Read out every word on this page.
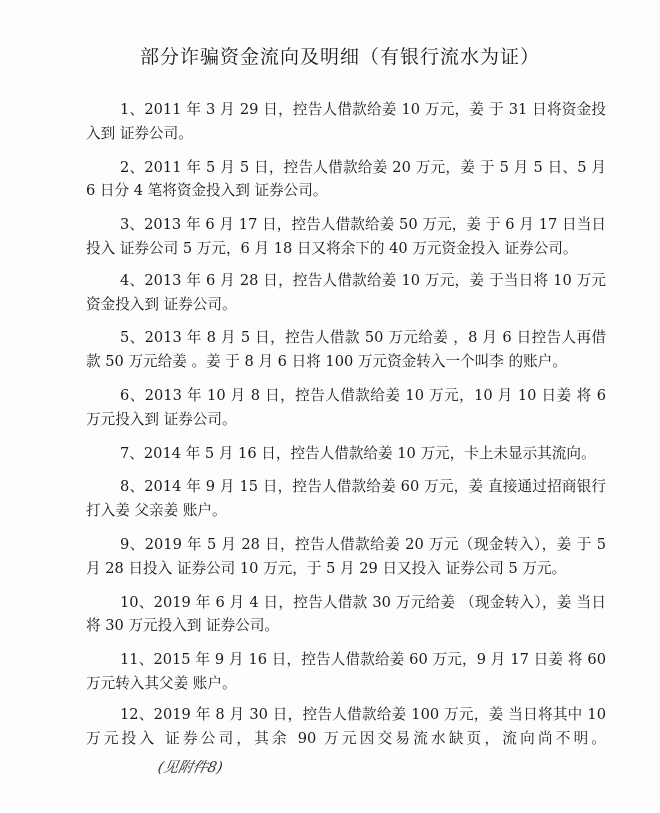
部分诈骗资金流向及明细（有银行流水为证）

1、2011 年 3 月 29 日，控告人借款给姜 10 万元，姜 于 31 日将资金投入到 证券公司。

2、2011 年 5 月 5 日，控告人借款给姜 20 万元，姜 于 5 月 5 日、5 月 6 日分 4 笔将资金投入到 证券公司。

3、2013 年 6 月 17 日，控告人借款给姜 50 万元，姜 于 6 月 17 日当日投入 证券公司 5 万元，6 月 18 日又将余下的 40 万元资金投入 证券公司。

4、2013 年 6 月 28 日，控告人借款给姜 10 万元，姜 于当日将 10 万元资金投入到 证券公司。

5、2013 年 8 月 5 日，控告人借款 50 万元给姜 ，8 月 6 日控告人再借款 50 万元给姜 。姜 于 8 月 6 日将 100 万元资金转入一个叫李 的账户。

6、2013 年 10 月 8 日，控告人借款给姜 10 万元，10 月 10 日姜 将 6 万元投入到 证券公司。

7、2014 年 5 月 16 日，控告人借款给姜 10 万元，卡上未显示其流向。

8、2014 年 9 月 15 日，控告人借款给姜 60 万元，姜 直接通过招商银行打入姜 父亲姜 账户。

9、2019 年 5 月 28 日，控告人借款给姜 20 万元（现金转入），姜 于 5 月 28 日投入 证券公司 10 万元，于 5 月 29 日又投入 证券公司 5 万元。

10、2019 年 6 月 4 日，控告人借款 30 万元给姜 （现金转入），姜 当日将 30 万元投入到 证券公司。

11、2015 年 9 月 16 日，控告人借款给姜 60 万元，9 月 17 日姜 将 60 万元转入其父姜 账户。

12、2019 年 8 月 30 日，控告人借款给姜 100 万元，姜 当日将其中 10 万元投入 证券公司，其余 90 万元因交易流水缺页，流向尚不明。(见附件8)
